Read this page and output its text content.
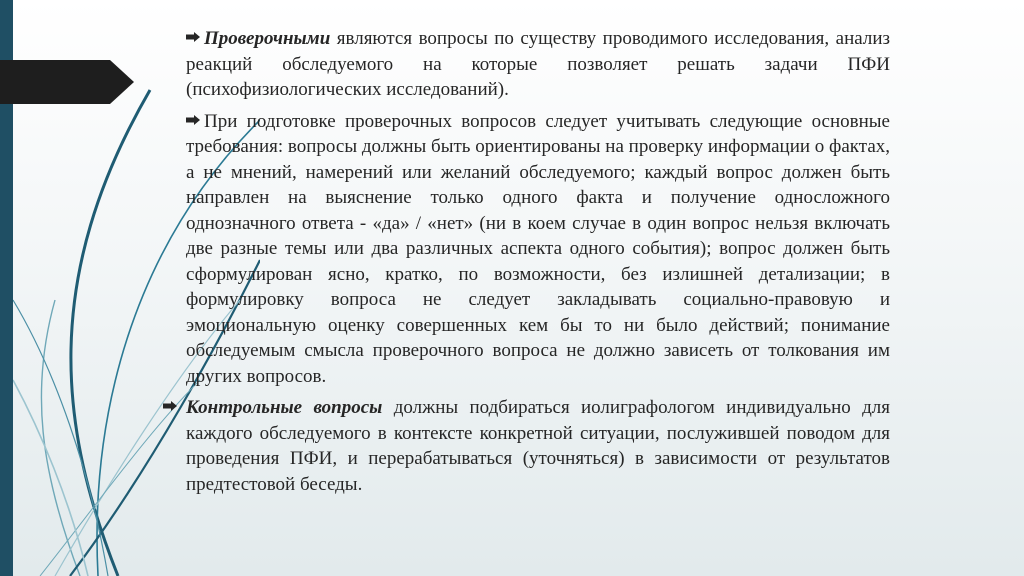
Проверочными являются вопросы по существу проводимого исследования, анализ реакций обследуемого на которые позволяет решать задачи ПФИ (психофизиологических исследований).

При подготовке проверочных вопросов следует учитывать следующие основные требования: вопросы должны быть ориентированы на проверку информации о фактах, а не мнений, намерений или желаний обследуемого; каждый вопрос должен быть направлен на выяснение только одного факта и получение односложного однозначного ответа - «да» / «нет» (ни в коем случае в один вопрос нельзя включать две разные темы или два различных аспекта одного события); вопрос должен быть сформулирован ясно, кратко, по возможности, без излишней детализации; в формулировку вопроса не следует закладывать социально-правовую и эмоциональную оценку совершенных кем бы то ни было действий; понимание обследуемым смысла проверочного вопроса не должно зависеть от толкования им других вопросов.

Контрольные вопросы должны подбираться иолиграфологом индивидуально для каждого обследуемого в контексте конкретной ситуации, послужившей поводом для проведения ПФИ, и перерабатываться (уточняться) в зависимости от результатов предтестовой беседы.
